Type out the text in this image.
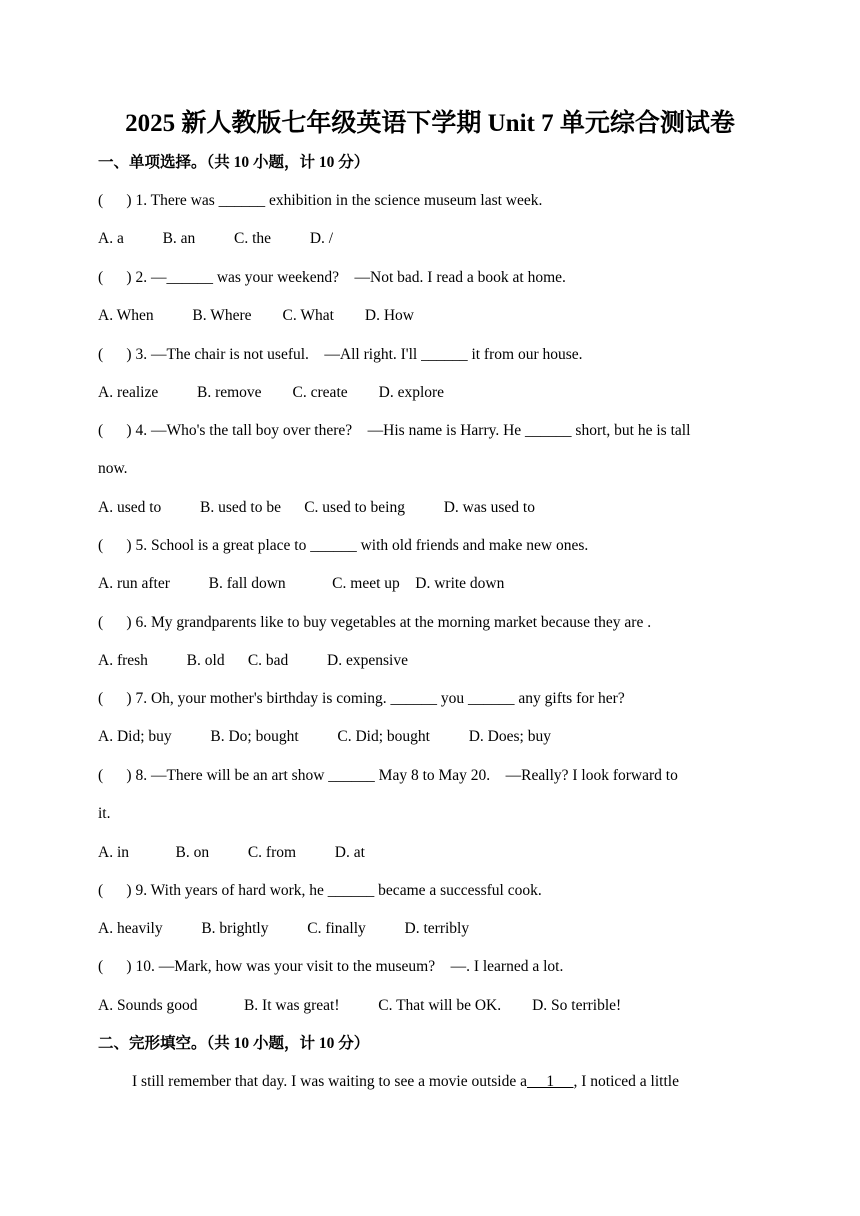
2025 新人教版七年级英语下学期 Unit 7 单元综合测试卷
一、单项选择。（共 10 小题，计 10 分）
(      ) 1. There was ______ exhibition in the science museum last week.
A. a          B. an          C. the          D. /
(      ) 2. —______ was your weekend?    —Not bad. I read a book at home.
A. When          B. Where        C. What        D. How
(      ) 3. —The chair is not useful.    —All right. I'll ______ it from our house.
A. realize          B. remove        C. create        D. explore
(      ) 4. —Who's the tall boy over there?    —His name is Harry. He ______ short, but he is tall
now.
A. used to          B. used to be      C. used to being          D. was used to
(      ) 5. School is a great place to ______ with old friends and make new ones.
A. run after          B. fall down            C. meet up    D. write down
(      ) 6. My grandparents like to buy vegetables at the morning market because they are .
A. fresh          B. old      C. bad          D. expensive
(      ) 7. Oh, your mother's birthday is coming. ______ you ______ any gifts for her?
A. Did; buy          B. Do; bought          C. Did; bought          D. Does; buy
(      ) 8. —There will be an art show ______ May 8 to May 20.    —Really? I look forward to
it.
A. in            B. on          C. from          D. at
(      ) 9. With years of hard work, he ______ became a successful cook.
A. heavily          B. brightly          C. finally          D. terribly
(      ) 10. —Mark, how was your visit to the museum?    —. I learned a lot.
A. Sounds good            B. It was great!          C. That will be OK.        D. So terrible!
二、完形填空。（共 10 小题，计 10 分）
I still remember that day. I was waiting to see a movie outside a     1     , I noticed a little
